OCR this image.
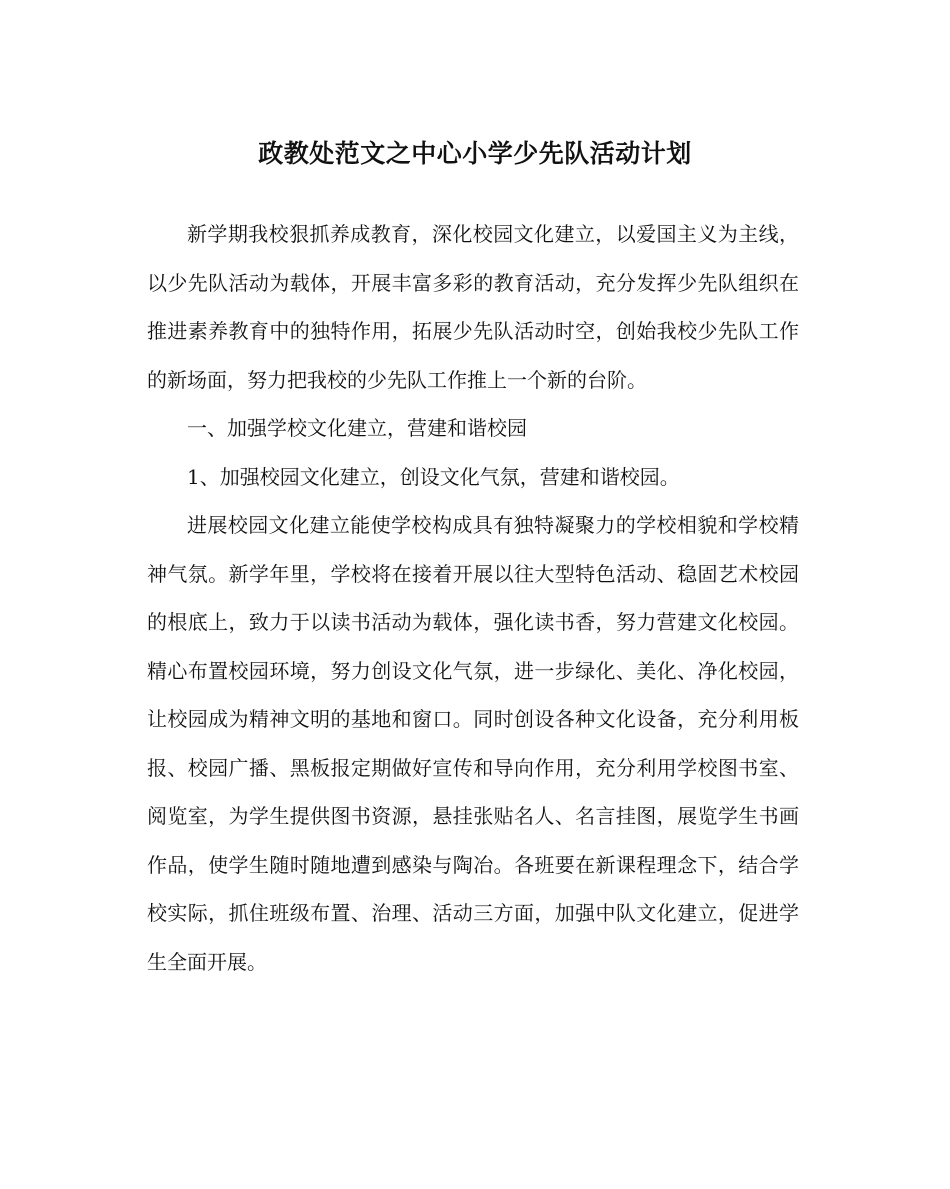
政教处范文之中心小学少先队活动计划

新学期我校狠抓养成教育，深化校园文化建立，以爱国主义为主线，以少先队活动为载体，开展丰富多彩的教育活动，充分发挥少先队组织在推进素养教育中的独特作用，拓展少先队活动时空，创始我校少先队工作的新场面，努力把我校的少先队工作推上一个新的台阶。

一、加强学校文化建立，营建和谐校园

1、加强校园文化建立，创设文化气氛，营建和谐校园。

进展校园文化建立能使学校构成具有独特凝聚力的学校相貌和学校精神气氛。新学年里，学校将在接着开展以往大型特色活动、稳固艺术校园的根底上，致力于以读书活动为载体，强化读书香，努力营建文化校园。精心布置校园环境，努力创设文化气氛，进一步绿化、美化、净化校园，让校园成为精神文明的基地和窗口。同时创设各种文化设备，充分利用板报、校园广播、黑板报定期做好宣传和导向作用，充分利用学校图书室、阅览室，为学生提供图书资源，悬挂张贴名人、名言挂图，展览学生书画作品，使学生随时随地遭到感染与陶冶。各班要在新课程理念下，结合学校实际，抓住班级布置、治理、活动三方面，加强中队文化建立，促进学生全面开展。
